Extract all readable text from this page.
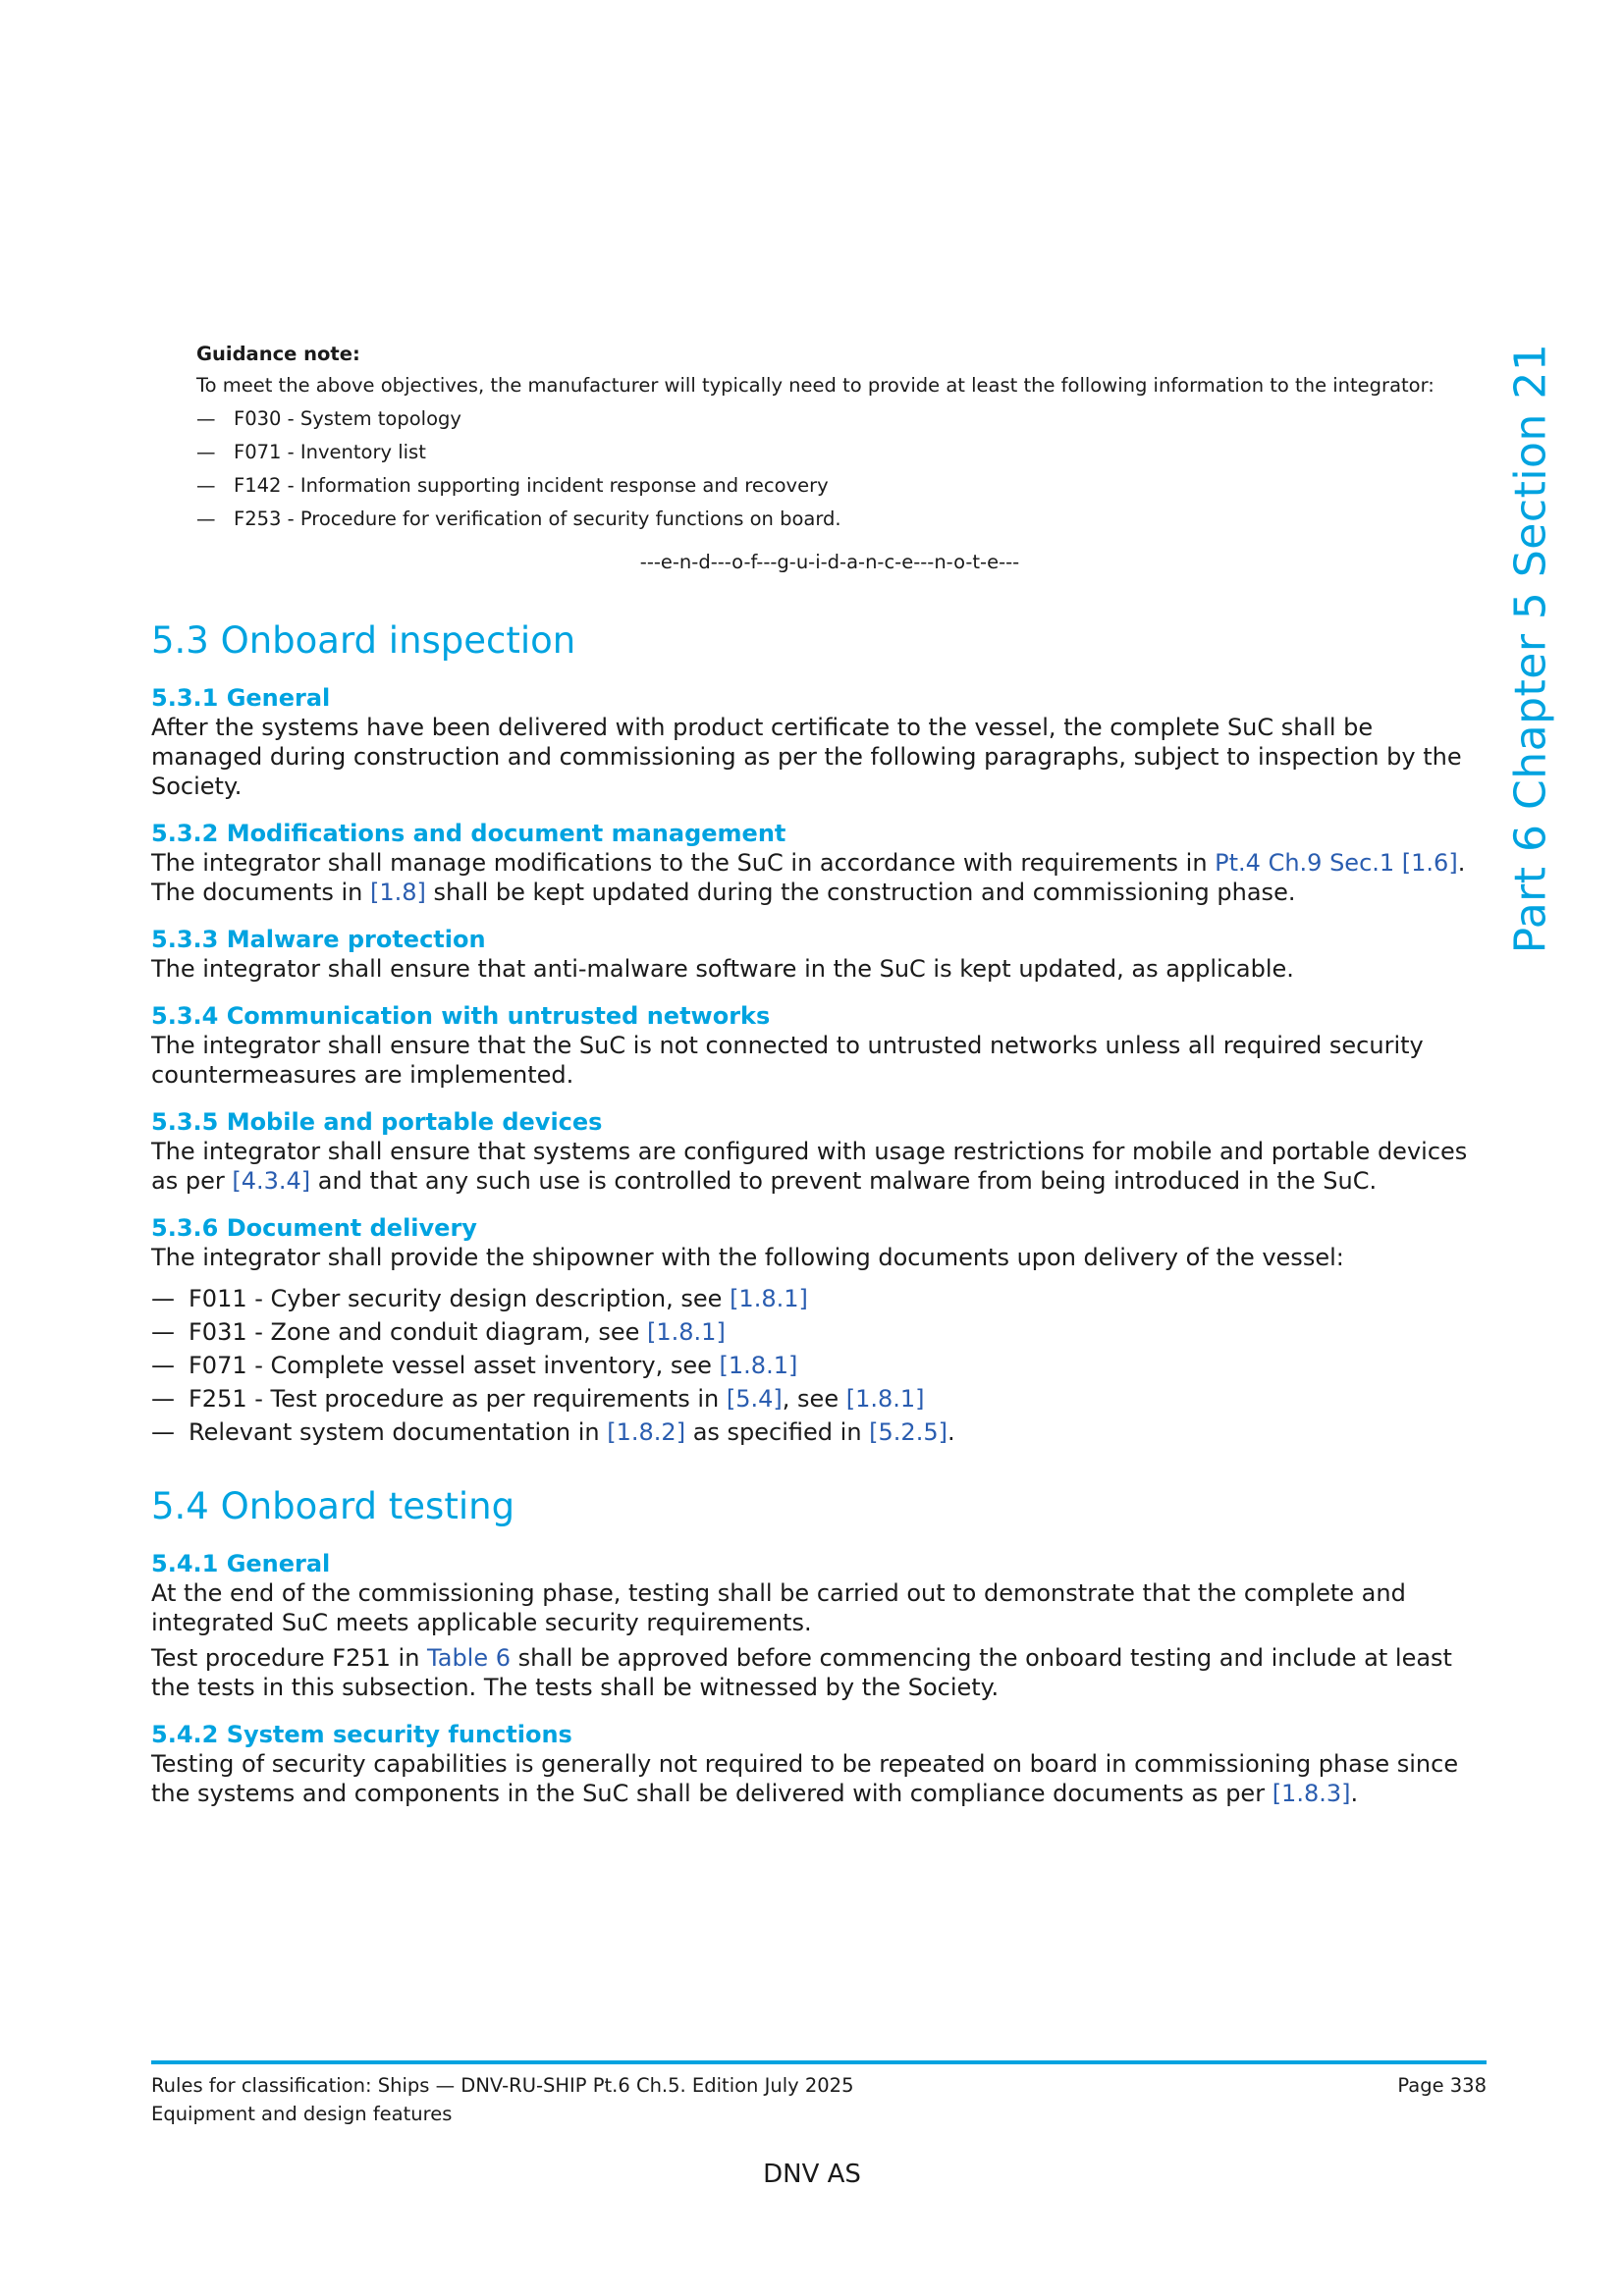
Part 6 Chapter 5 Section 21
Guidance note:
To meet the above objectives, the manufacturer will typically need to provide at least the following information to the integrator:
— F030 - System topology
— F071 - Inventory list
— F142 - Information supporting incident response and recovery
— F253 - Procedure for verification of security functions on board.
---e-n-d---o-f---g-u-i-d-a-n-c-e---n-o-t-e---
5.3 Onboard inspection
5.3.1 General

After the systems have been delivered with product certificate to the vessel, the complete SuC shall be managed during construction and commissioning as per the following paragraphs, subject to inspection by the Society.

5.3.2 Modifications and document management

The integrator shall manage modifications to the SuC in accordance with requirements in Pt.4 Ch.9 Sec.1 [1.6]. The documents in [1.8] shall be kept updated during the construction and commissioning phase.

5.3.3 Malware protection

The integrator shall ensure that anti-malware software in the SuC is kept updated, as applicable.

5.3.4 Communication with untrusted networks

The integrator shall ensure that the SuC is not connected to untrusted networks unless all required security countermeasures are implemented.

5.3.5 Mobile and portable devices

The integrator shall ensure that systems are configured with usage restrictions for mobile and portable devices as per [4.3.4] and that any such use is controlled to prevent malware from being introduced in the SuC.

5.3.6 Document delivery

The integrator shall provide the shipowner with the following documents upon delivery of the vessel:

— F011 - Cyber security design description, see [1.8.1]
— F031 - Zone and conduit diagram, see [1.8.1]
— F071 - Complete vessel asset inventory, see [1.8.1]
— F251 - Test procedure as per requirements in [5.4], see [1.8.1]
— Relevant system documentation in [1.8.2] as specified in [5.2.5].
5.4 Onboard testing
5.4.1 General

At the end of the commissioning phase, testing shall be carried out to demonstrate that the complete and integrated SuC meets applicable security requirements.

Test procedure F251 in Table 6 shall be approved before commencing the onboard testing and include at least the tests in this subsection. The tests shall be witnessed by the Society.

5.4.2 System security functions

Testing of security capabilities is generally not required to be repeated on board in commissioning phase since the systems and components in the SuC shall be delivered with compliance documents as per [1.8.3].

Rules for classification: Ships — DNV-RU-SHIP Pt.6 Ch.5. Edition July 2025	Page 338
Equipment and design features
DNV AS
